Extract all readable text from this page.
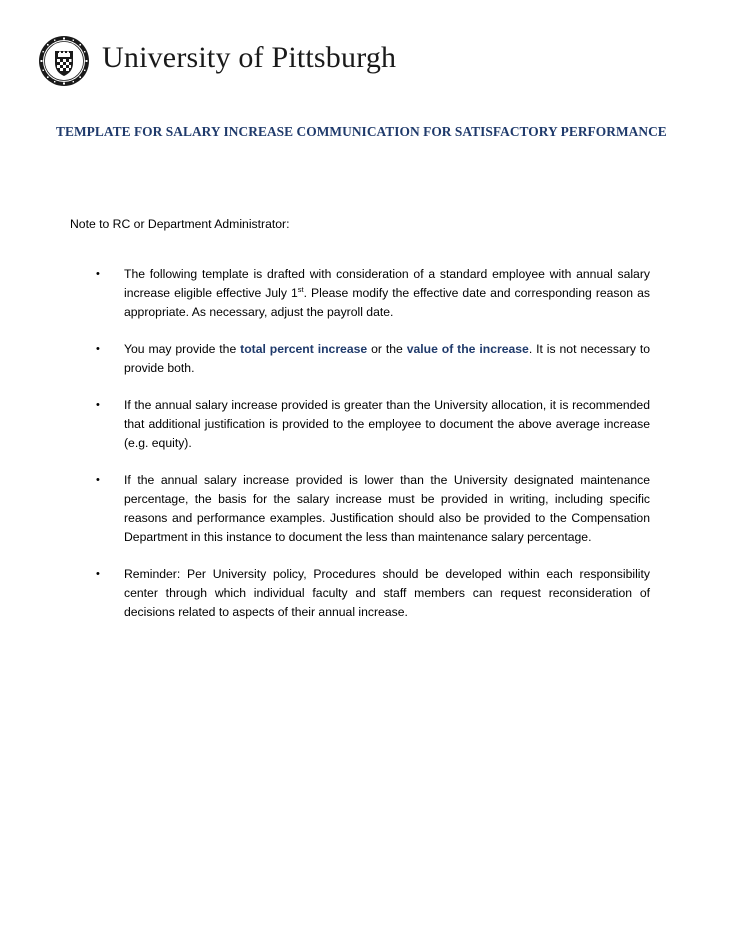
University of Pittsburgh
TEMPLATE FOR SALARY INCREASE COMMUNICATION FOR SATISFACTORY PERFORMANCE
Note to RC or Department Administrator:
• The following template is drafted with consideration of a standard employee with annual salary increase eligible effective July 1st. Please modify the effective date and corresponding reason as appropriate. As necessary, adjust the payroll date.
• You may provide the total percent increase or the value of the increase. It is not necessary to provide both.
• If the annual salary increase provided is greater than the University allocation, it is recommended that additional justification is provided to the employee to document the above average increase (e.g. equity).
• If the annual salary increase provided is lower than the University designated maintenance percentage, the basis for the salary increase must be provided in writing, including specific reasons and performance examples. Justification should also be provided to the Compensation Department in this instance to document the less than maintenance salary percentage.
• Reminder: Per University policy, Procedures should be developed within each responsibility center through which individual faculty and staff members can request reconsideration of decisions related to aspects of their annual increase.
